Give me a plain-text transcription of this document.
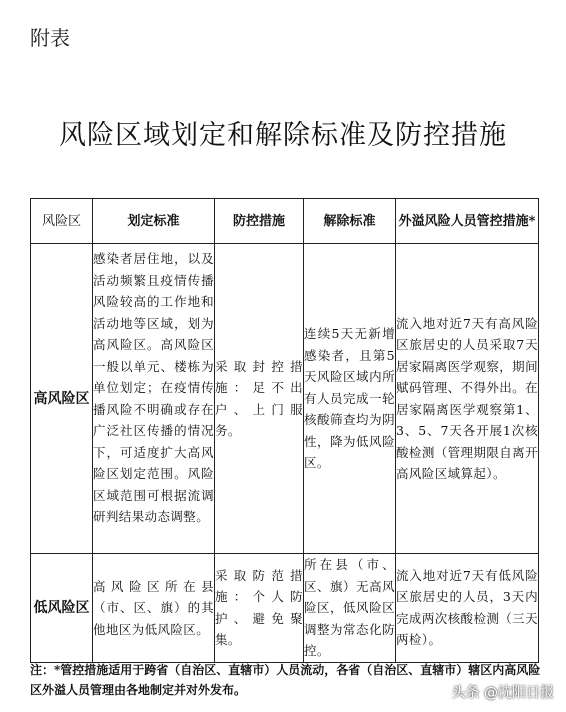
附表
风险区域划定和解除标准及防控措施
风险区	划定标准	防控措施	解除标准	外溢风险人员管控措施*
高风险区	感染者居住地，以及活动频繁且疫情传播风险较高的工作地和活动地等区域，划为高风险区。高风险区一般以单元、楼栋为单位划定；在疫情传播风险不明确或存在广泛社区传播的情况下，可适度扩大高风险区划定范围。风险区域范围可根据流调研判结果动态调整。	采取封控措施：足不出户、上门服务。	连续5天无新增感染者，且第5天风险区域内所有人员完成一轮核酸筛查均为阴性，降为低风险区。	流入地对近7天有高风险区旅居史的人员采取7天居家隔离医学观察，期间赋码管理、不得外出。在居家隔离医学观察第1、3、5、7天各开展1次核酸检测（管理期限自离开高风险区域算起）。
低风险区	高风险区所在县（市、区、旗）的其他地区为低风险区。	采取防范措施：个人防护、避免聚集。	所在县（市、区、旗）无高风险区，低风险区调整为常态化防控。	流入地对近7天有低风险区旅居史的人员，3天内完成两次核酸检测（三天两检）。
注：*管控措施适用于跨省（自治区、直辖市）人员流动，各省（自治区、直辖市）辖区内高风险区外溢人员管理由各地制定并对外发布。	头条 @沈阳日报
